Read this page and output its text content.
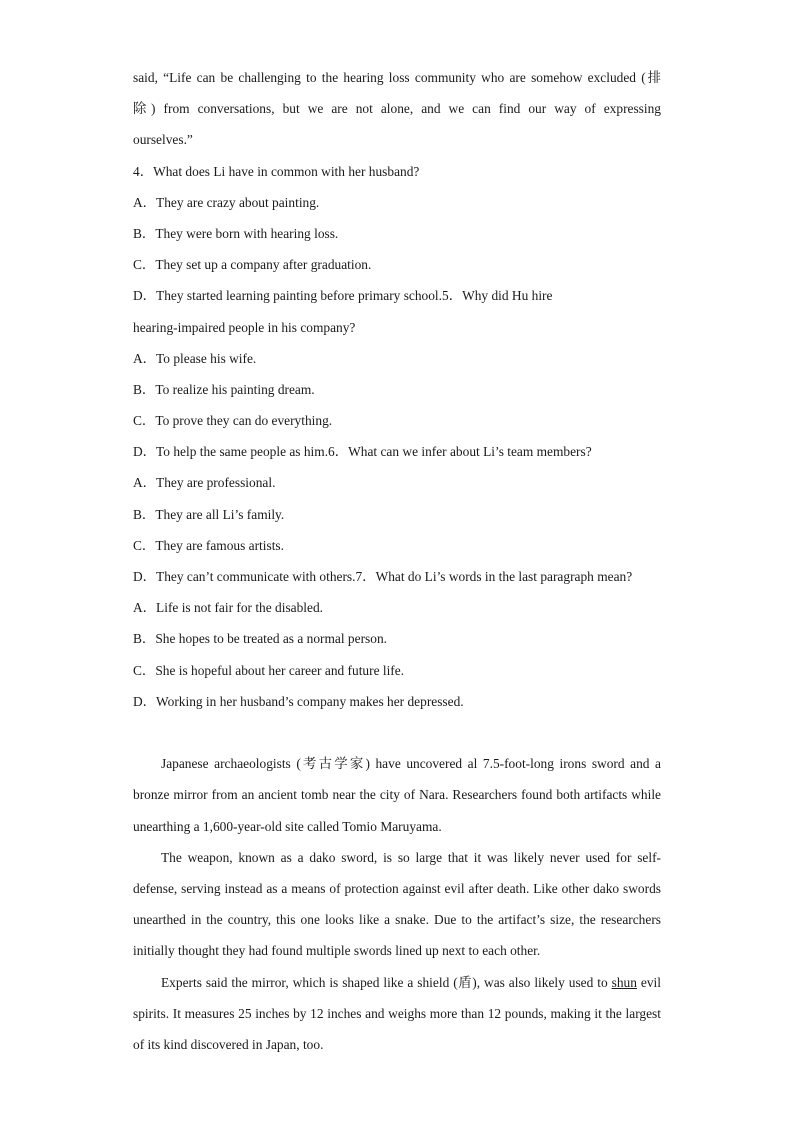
said, “Life can be challenging to the hearing loss community who are somehow excluded (排
除) from conversations, but we are not alone, and we can find our way of expressing
ourselves.”
4．What does Li have in common with her husband?
A．They are crazy about painting.
B．They were born with hearing loss.
C．They set up a company after graduation.
D．They started learning painting before primary school.5．Why did Hu hire
hearing-impaired people in his company?
A．To please his wife.
B．To realize his painting dream.
C．To prove they can do everything.
D．To help the same people as him.6．What can we infer about Li’s team members?
A．They are professional.
B．They are all Li’s family.
C．They are famous artists.
D．They can’t communicate with others.7．What do Li’s words in the last paragraph mean?
A．Life is not fair for the disabled.
B．She hopes to be treated as a normal person.
C．She is hopeful about her career and future life.
D．Working in her husband’s company makes her depressed.

Japanese archaeologists (考古学家) have uncovered al 7.5-foot-long irons sword and a bronze mirror from an ancient tomb near the city of Nara. Researchers found both artifacts while unearthing a 1,600-year-old site called Tomio Maruyama.

The weapon, known as a dako sword, is so large that it was likely never used for self-defense, serving instead as a means of protection against evil after death. Like other dako swords unearthed in the country, this one looks like a snake. Due to the artifact’s size, the researchers initially thought they had found multiple swords lined up next to each other.

Experts said the mirror, which is shaped like a shield (盾), was also likely used to shun evil spirits. It measures 25 inches by 12 inches and weighs more than 12 pounds, making it the largest of its kind discovered in Japan, too.
